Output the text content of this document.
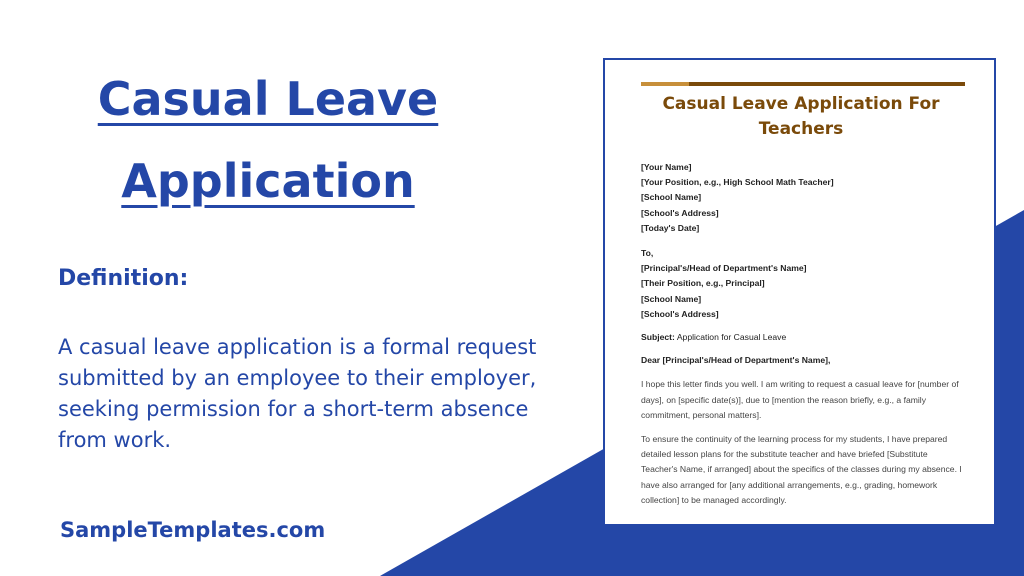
Casual Leave
Application
Definition:
A casual leave application is a formal request submitted by an employee to their employer, seeking permission for a short-term absence from work.
SampleTemplates.com
Casual Leave Application For Teachers
[Your Name]
[Your Position, e.g., High School Math Teacher]
[School Name]
[School's Address]
[Today's Date]
To,
[Principal's/Head of Department's Name]
[Their Position, e.g., Principal]
[School Name]
[School's Address]
Subject: Application for Casual Leave
Dear [Principal's/Head of Department's Name],
I hope this letter finds you well. I am writing to request a casual leave for [number of days], on [specific date(s)], due to [mention the reason briefly, e.g., a family commitment, personal matters].
To ensure the continuity of the learning process for my students, I have prepared detailed lesson plans for the substitute teacher and have briefed [Substitute Teacher's Name, if arranged] about the specifics of the classes during my absence. I have also arranged for [any additional arrangements, e.g., grading, homework collection] to be managed accordingly.
